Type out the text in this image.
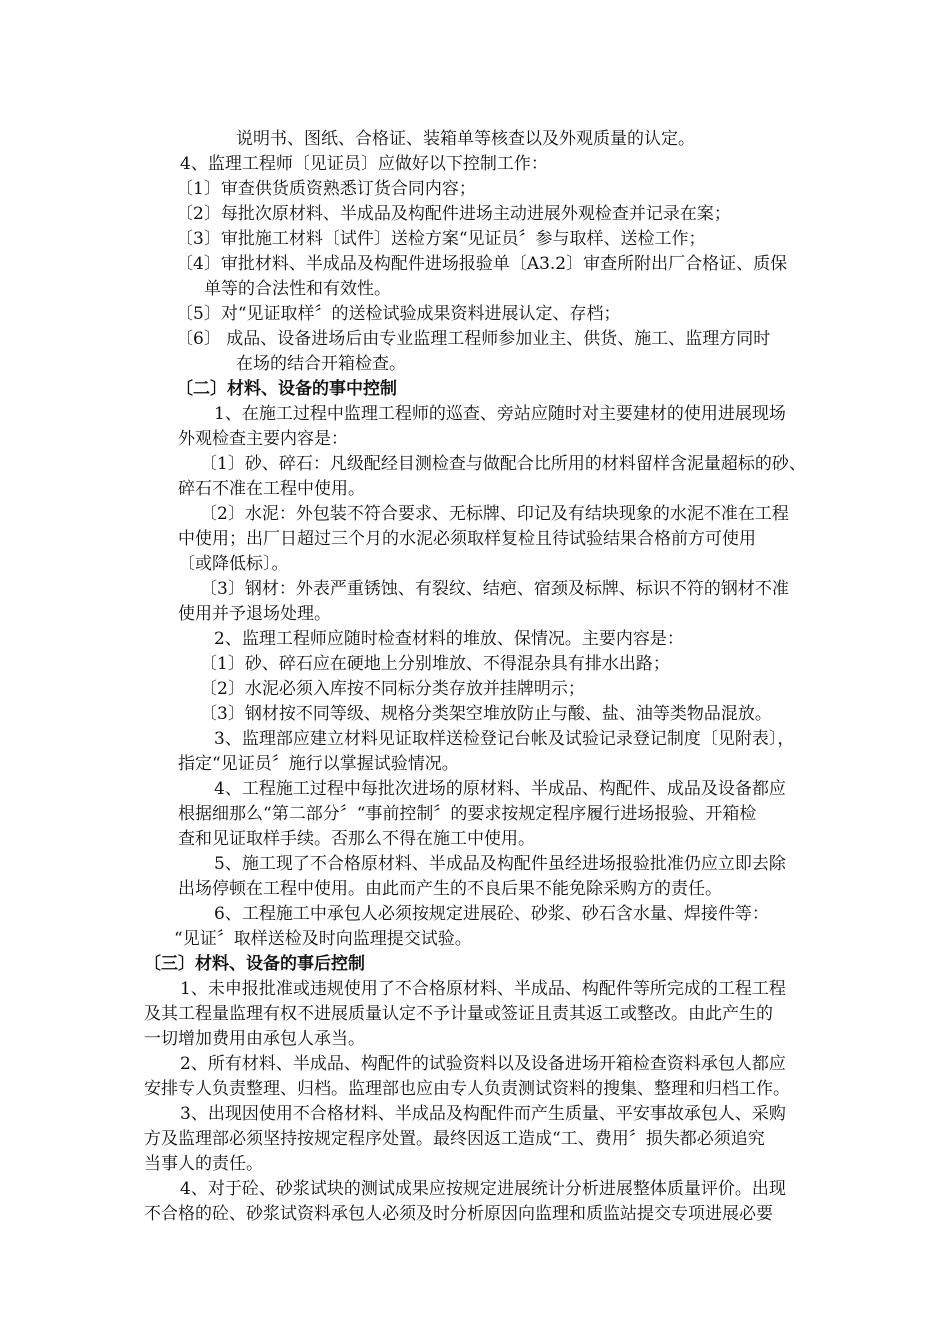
说明书、图纸、合格证、装箱单等核查以及外观质量的认定。
4、监理工程师〔见证员〕应做好以下控制工作：
〔1〕审查供货质资熟悉订货合同内容；
〔2〕每批次原材料、半成品及构配件进场主动进展外观检查并记录在案；
〔3〕审批施工材料〔试件〕送检方案“见证员〞参与取样、送检工作；
〔4〕审批材料、半成品及构配件进场报验单〔A3.2〕审查所附出厂合格证、质保
单等的合法性和有效性。
〔5〕对“见证取样〞的送检试验成果资料进展认定、存档；
〔6〕 成品、设备进场后由专业监理工程师参加业主、供货、施工、监理方同时
在场的结合开箱检查。
〔二〕材料、设备的事中控制
1、在施工过程中监理工程师的巡查、旁站应随时对主要建材的使用进展现场
外观检查主要内容是：
〔1〕砂、碎石：凡级配经目测检查与做配合比所用的材料留样含泥量超标的砂、
碎石不准在工程中使用。
〔2〕水泥：外包装不符合要求、无标牌、印记及有结块现象的水泥不准在工程
中使用；出厂日超过三个月的水泥必须取样复检且待试验结果合格前方可使用
〔或降低标〕。
〔3〕钢材：外表严重锈蚀、有裂纹、结疤、宿颈及标牌、标识不符的钢材不准
使用并予退场处理。
2、监理工程师应随时检查材料的堆放、保情况。主要内容是：
〔1〕砂、碎石应在硬地上分别堆放、不得混杂具有排水出路；
〔2〕水泥必须入库按不同标分类存放并挂牌明示；
〔3〕钢材按不同等级、规格分类架空堆放防止与酸、盐、油等类物品混放。
3、监理部应建立材料见证取样送检登记台帐及试验记录登记制度〔见附表〕，
指定“见证员〞施行以掌握试验情况。
4、工程施工过程中每批次进场的原材料、半成品、构配件、成品及设备都应
根据细那么“第二部分〞“事前控制〞的要求按规定程序履行进场报验、开箱检
查和见证取样手续。否那么不得在施工中使用。
5、施工现了不合格原材料、半成品及构配件虽经进场报验批准仍应立即去除
出场停顿在工程中使用。由此而产生的不良后果不能免除采购方的责任。
6、工程施工中承包人必须按规定进展砼、砂浆、砂石含水量、焊接件等：
“见证〞取样送检及时向监理提交试验。
〔三〕材料、设备的事后控制
1、未申报批准或违规使用了不合格原材料、半成品、构配件等所完成的工程工程
及其工程量监理有权不进展质量认定不予计量或签证且责其返工或整改。由此产生的
一切增加费用由承包人承当。
2、所有材料、半成品、构配件的试验资料以及设备进场开箱检查资料承包人都应
安排专人负责整理、归档。监理部也应由专人负责测试资料的搜集、整理和归档工作。
3、出现因使用不合格材料、半成品及构配件而产生质量、平安事故承包人、采购
方及监理部必须坚持按规定程序处置。最终因返工造成“工、费用〞损失都必须追究
当事人的责任。
4、对于砼、砂浆试块的测试成果应按规定进展统计分析进展整体质量评价。出现
不合格的砼、砂浆试资料承包人必须及时分析原因向监理和质监站提交专项进展必要
